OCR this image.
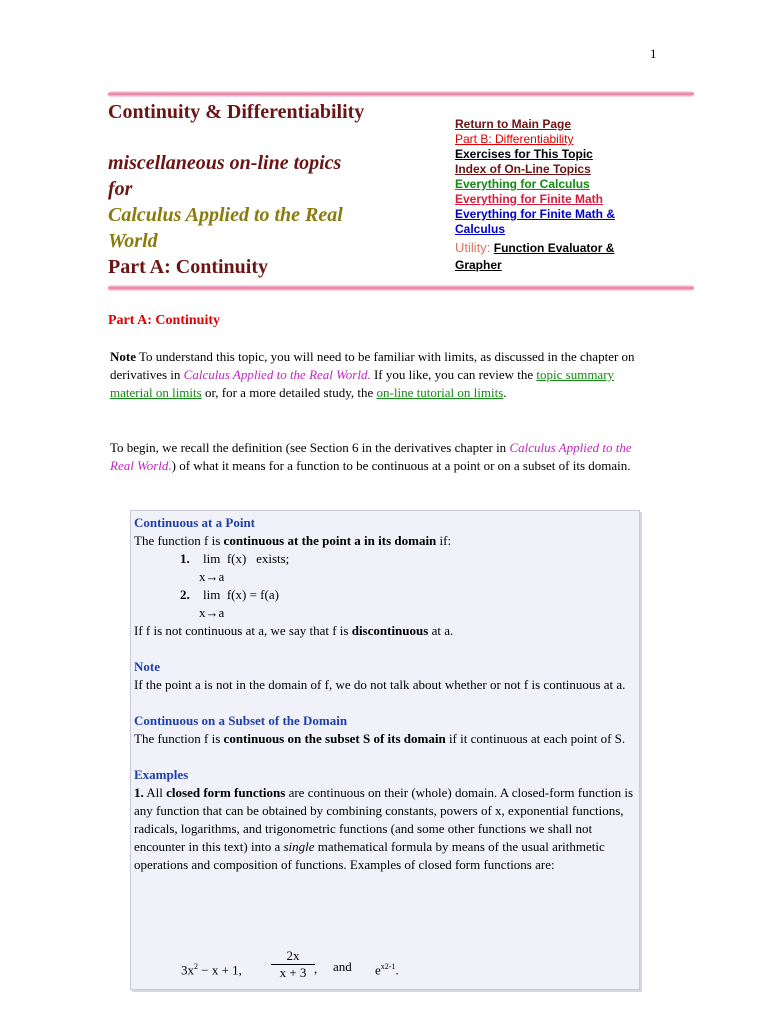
1
Continuity & Differentiability
miscellaneous on-line topics
for
Calculus Applied to the Real
World
Part A: Continuity
Return to Main Page
Part B: Differentiability
Exercises for This Topic
Index of On-Line Topics
Everything for Calculus
Everything for Finite Math
Everything for Finite Math &
Calculus
Utility: Function Evaluator &
Grapher
Part A: Continuity
Note To understand this topic, you will need to be familiar with limits, as discussed in the chapter on derivatives in Calculus Applied to the Real World. If you like, you can review the topic summary material on limits or, for a more detailed study, the on-line tutorial on limits.
To begin, we recall the definition (see Section 6 in the derivatives chapter in Calculus Applied to the Real World.) of what it means for a function to be continuous at a point or on a subset of its domain.
Continuous at a Point
The function f is continuous at the point a in its domain if:
1. lim  f(x)   exists;
x→a
2. lim  f(x) = f(a)
x→a
If f is not continuous at a, we say that f is discontinuous at a.
Note
If the point a is not in the domain of f, we do not talk about whether or not f is continuous at a.
Continuous on a Subset of the Domain
The function f is continuous on the subset S of its domain if it continuous at each point of S.
Examples
1. All closed form functions are continuous on their (whole) domain. A closed-form function is any function that can be obtained by combining constants, powers of x, exponential functions, radicals, logarithms, and trigonometric functions (and some other functions we shall not encounter in this text) into a single mathematical formula by means of the usual arithmetic operations and composition of functions. Examples of closed form functions are:
$3x^2 - x + 1$, $\frac{2x}{x + 3}$ , and $e^{x2-1}$.
